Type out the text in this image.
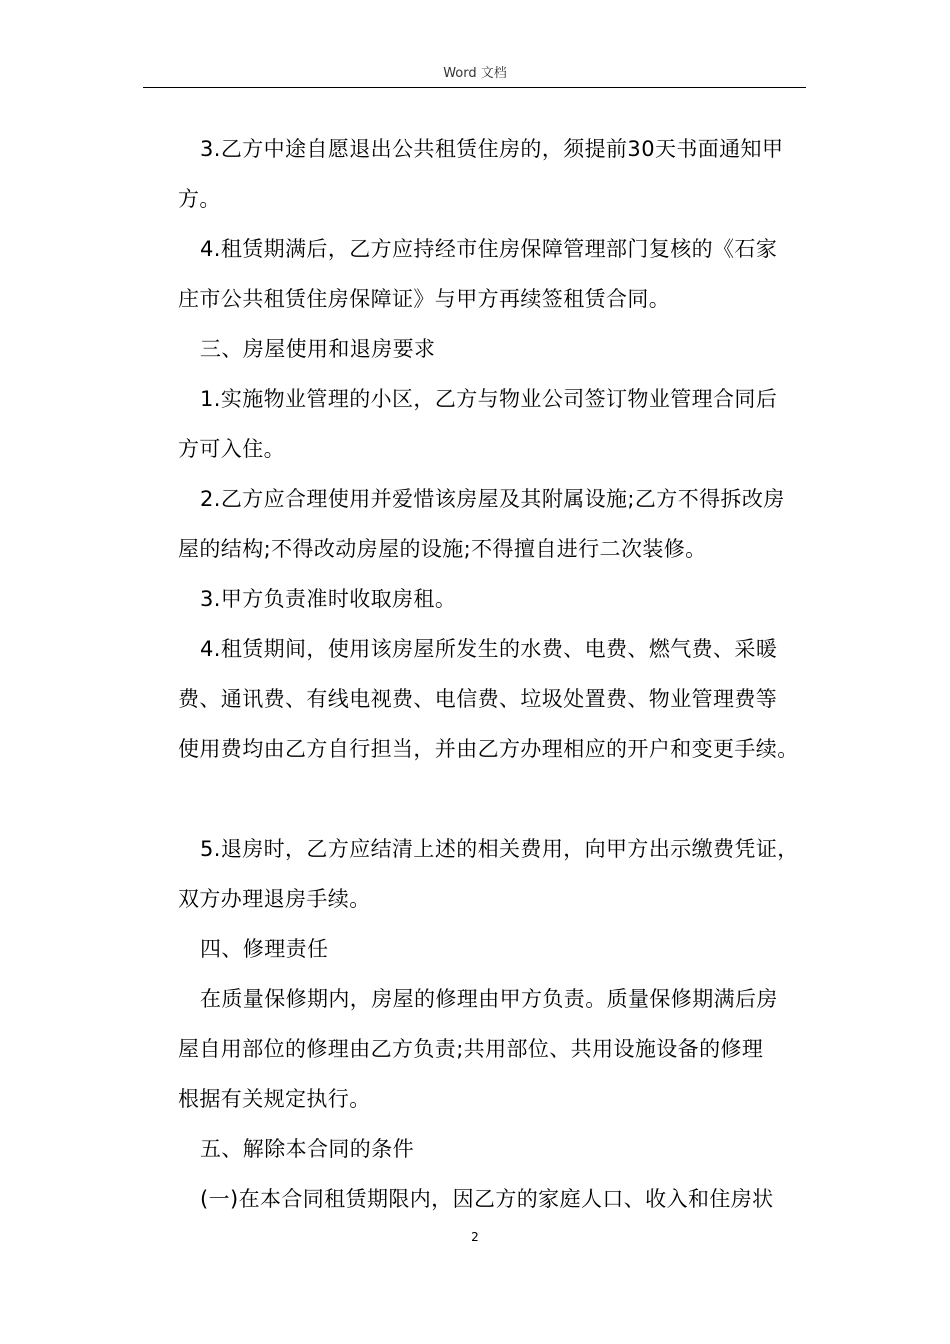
Word 文档
3.乙方中途自愿退出公共租赁住房的，须提前30天书面通知甲
方。
4.租赁期满后，乙方应持经市住房保障管理部门复核的《石家
庄市公共租赁住房保障证》与甲方再续签租赁合同。
三、房屋使用和退房要求
1.实施物业管理的小区，乙方与物业公司签订物业管理合同后
方可入住。
2.乙方应合理使用并爱惜该房屋及其附属设施;乙方不得拆改房
屋的结构;不得改动房屋的设施;不得擅自进行二次装修。
3.甲方负责准时收取房租。
4.租赁期间，使用该房屋所发生的水费、电费、燃气费、采暖
费、通讯费、有线电视费、电信费、垃圾处置费、物业管理费等
使用费均由乙方自行担当，并由乙方办理相应的开户和变更手续。
5.退房时，乙方应结清上述的相关费用，向甲方出示缴费凭证，
双方办理退房手续。
四、修理责任
在质量保修期内，房屋的修理由甲方负责。质量保修期满后房
屋自用部位的修理由乙方负责;共用部位、共用设施设备的修理
根据有关规定执行。
五、解除本合同的条件
(一)在本合同租赁期限内，因乙方的家庭人口、收入和住房状
2
